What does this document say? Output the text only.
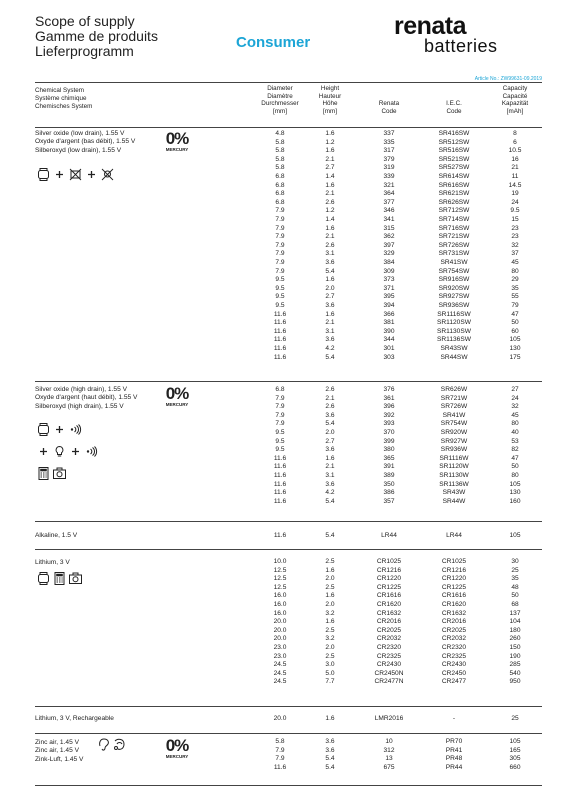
Scope of supply
Gamme de produits
Lieferprogramm	Consumer
renata
batteries
Article No.: ZW99631-09.2019
Chemical System
Système chimique
Chemisches System
Diameter
Diamètre
Durchmesser
[mm]
Height
Hauteur
Höhe
[mm]
Renata
Code
I.E.C.
Code
Capacity
Capacité
Kapazität
[mAh]
Silver oxide (low drain), 1.55 V
Oxyde d'argent (bas débit), 1.55 V
Silberoxyd (low drain), 1.55 V
0%
MERCURY
4.8	1.6	337	SR416SW	8
5.8	1.2	335	SR512SW	6
5.8	1.6	317	SR516SW	10.5
5.8	2.1	379	SR521SW	16
5.8	2.7	319	SR527SW	21
6.8	1.4	339	SR614SW	11
6.8	1.6	321	SR616SW	14.5
6.8	2.1	364	SR621SW	19
6.8	2.6	377	SR626SW	24
7.9	1.2	346	SR712SW	9.5
7.9	1.4	341	SR714SW	15
7.9	1.6	315	SR716SW	23
7.9	2.1	362	SR721SW	23
7.9	2.6	397	SR726SW	32
7.9	3.1	329	SR731SW	37
7.9	3.6	384	SR41SW	45
7.9	5.4	309	SR754SW	80
9.5	1.6	373	SR916SW	29
9.5	2.0	371	SR920SW	35
9.5	2.7	395	SR927SW	55
9.5	3.6	394	SR936SW	79
11.6	1.6	366	SR1116SW	47
11.6	2.1	381	SR1120SW	50
11.6	3.1	390	SR1130SW	60
11.6	3.6	344	SR1136SW	105
11.6	4.2	301	SR43SW	130
11.6	5.4	303	SR44SW	175
Silver oxide (high drain), 1.55 V
Oxyde d'argent (haut débit), 1.55 V
Silberoxyd (high drain), 1.55 V
0%
MERCURY
6.8	2.6	376	SR626W	27
7.9	2.1	361	SR721W	24
7.9	2.6	396	SR726W	32
7.9	3.6	392	SR41W	45
7.9	5.4	393	SR754W	80
9.5	2.0	370	SR920W	40
9.5	2.7	399	SR927W	53
9.5	3.6	380	SR936W	82
11.6	1.6	365	SR1116W	47
11.6	2.1	391	SR1120W	50
11.6	3.1	389	SR1130W	80
11.6	3.6	350	SR1136W	105
11.6	4.2	386	SR43W	130
11.6	5.4	357	SR44W	160
Alkaline, 1.5 V	11.6	5.4	LR44	LR44	105
Lithium, 3 V	10.0	2.5	CR1025	CR1025	30
12.5	1.6	CR1216	CR1216	25
12.5	2.0	CR1220	CR1220	35
12.5	2.5	CR1225	CR1225	48
16.0	1.6	CR1616	CR1616	50
16.0	2.0	CR1620	CR1620	68
16.0	3.2	CR1632	CR1632	137
20.0	1.6	CR2016	CR2016	104
20.0	2.5	CR2025	CR2025	180
20.0	3.2	CR2032	CR2032	260
23.0	2.0	CR2320	CR2320	150
23.0	2.5	CR2325	CR2325	190
24.5	3.0	CR2430	CR2430	285
24.5	5.0	CR2450N	CR2450	540
24.5	7.7	CR2477N	CR2477	950
Lithium, 3 V, Rechargeable	20.0	1.6	LMR2016	-	25
Zinc air, 1.45 V
Zinc air, 1.45 V
Zink-Luft, 1.45 V
0%
MERCURY
5.8	3.6	10	PR70	105
7.9	3.6	312	PR41	165
7.9	5.4	13	PR48	305
11.6	5.4	675	PR44	660
